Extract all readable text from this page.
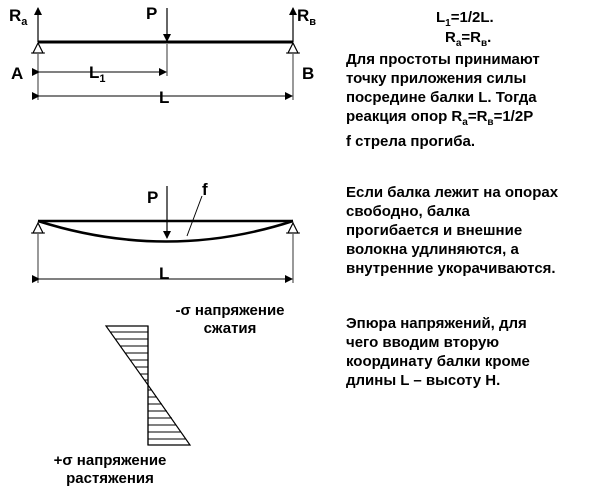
$R_a$	P	$R_в$
A	B
$L_1$
L
P	f
L
-σ напряжение
сжатия
+σ напряжение
растяжения
$L_1=1/2L$.
$R_a=R_в$.
Для простоты принимают
точку приложения силы
посредине балки L. Тогда
реакция опор $R_a=R_в=1/2P$
f стрела прогиба.
Если балка лежит на опорах
свободно, балка
прогибается и внешние
волокна удлиняются, а
внутренние укорачиваются.
Эпюра напряжений, для
чего вводим вторую
координату балки кроме
длины L – высоту H.
